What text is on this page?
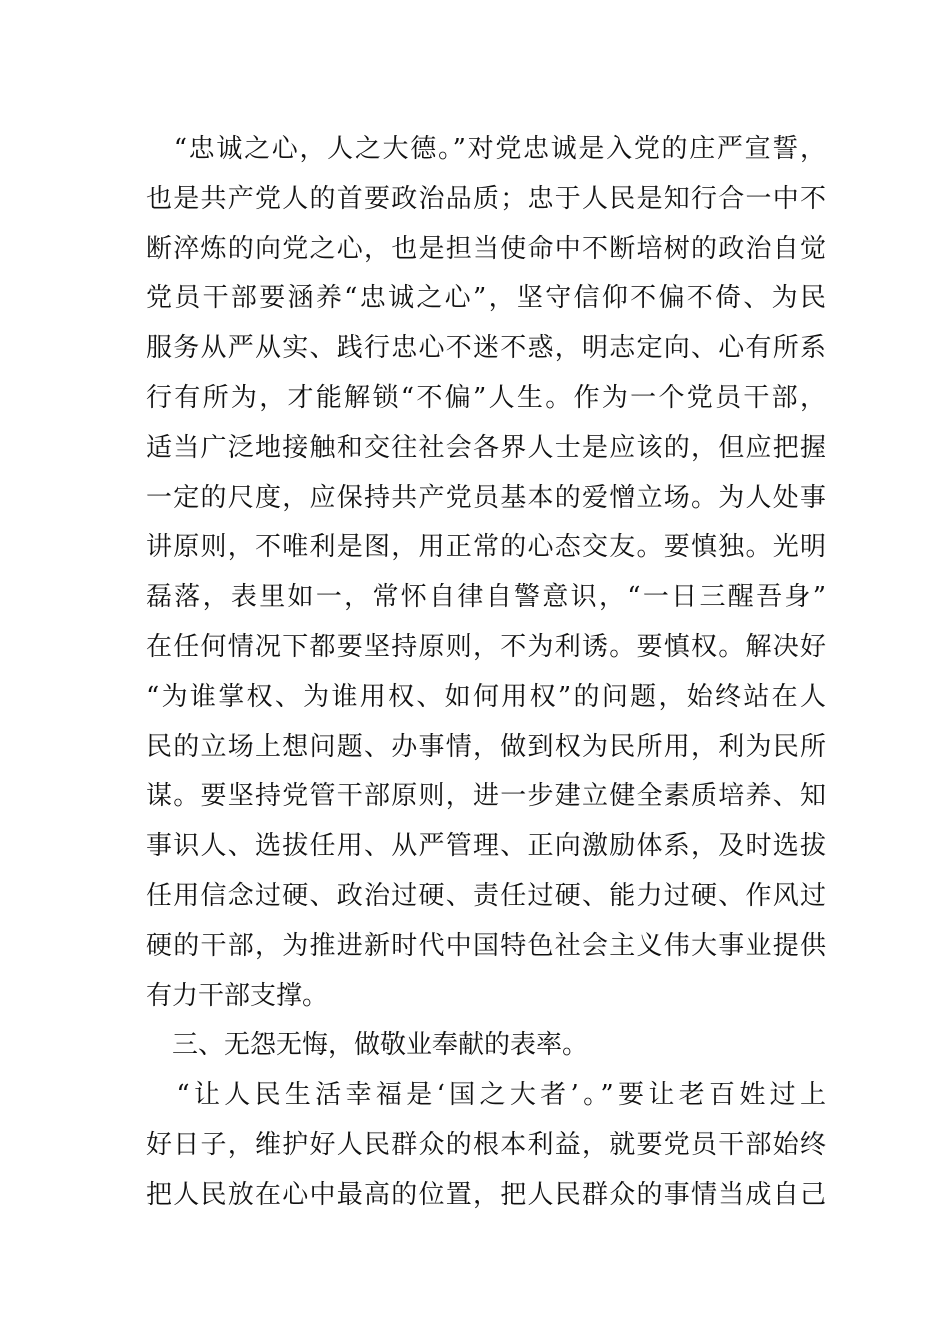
　“忠诚之心，人之大德。”对党忠诚是入党的庄严宣誓，
也是共产党人的首要政治品质；忠于人民是知行合一中不
断淬炼的向党之心，也是担当使命中不断培树的政治自觉
党员干部要涵养“忠诚之心”，坚守信仰不偏不倚、为民
服务从严从实、践行忠心不迷不惑，明志定向、心有所系
行有所为，才能解锁“不偏”人生。作为一个党员干部，
适当广泛地接触和交往社会各界人士是应该的，但应把握
一定的尺度，应保持共产党员基本的爱憎立场。为人处事
讲原则，不唯利是图，用正常的心态交友。要慎独。光明
磊落，表里如一，常怀自律自警意识，“一日三醒吾身”
在任何情况下都要坚持原则，不为利诱。要慎权。解决好
“为谁掌权、为谁用权、如何用权”的问题，始终站在人
民的立场上想问题、办事情，做到权为民所用，利为民所
谋。要坚持党管干部原则，进一步建立健全素质培养、知
事识人、选拔任用、从严管理、正向激励体系，及时选拔
任用信念过硬、政治过硬、责任过硬、能力过硬、作风过
硬的干部，为推进新时代中国特色社会主义伟大事业提供
有力干部支撑。
　三、无怨无悔，做敬业奉献的表率。
　“让人民生活幸福是‘国之大者’。”要让老百姓过上
好日子，维护好人民群众的根本利益，就要党员干部始终
把人民放在心中最高的位置，把人民群众的事情当成自己
